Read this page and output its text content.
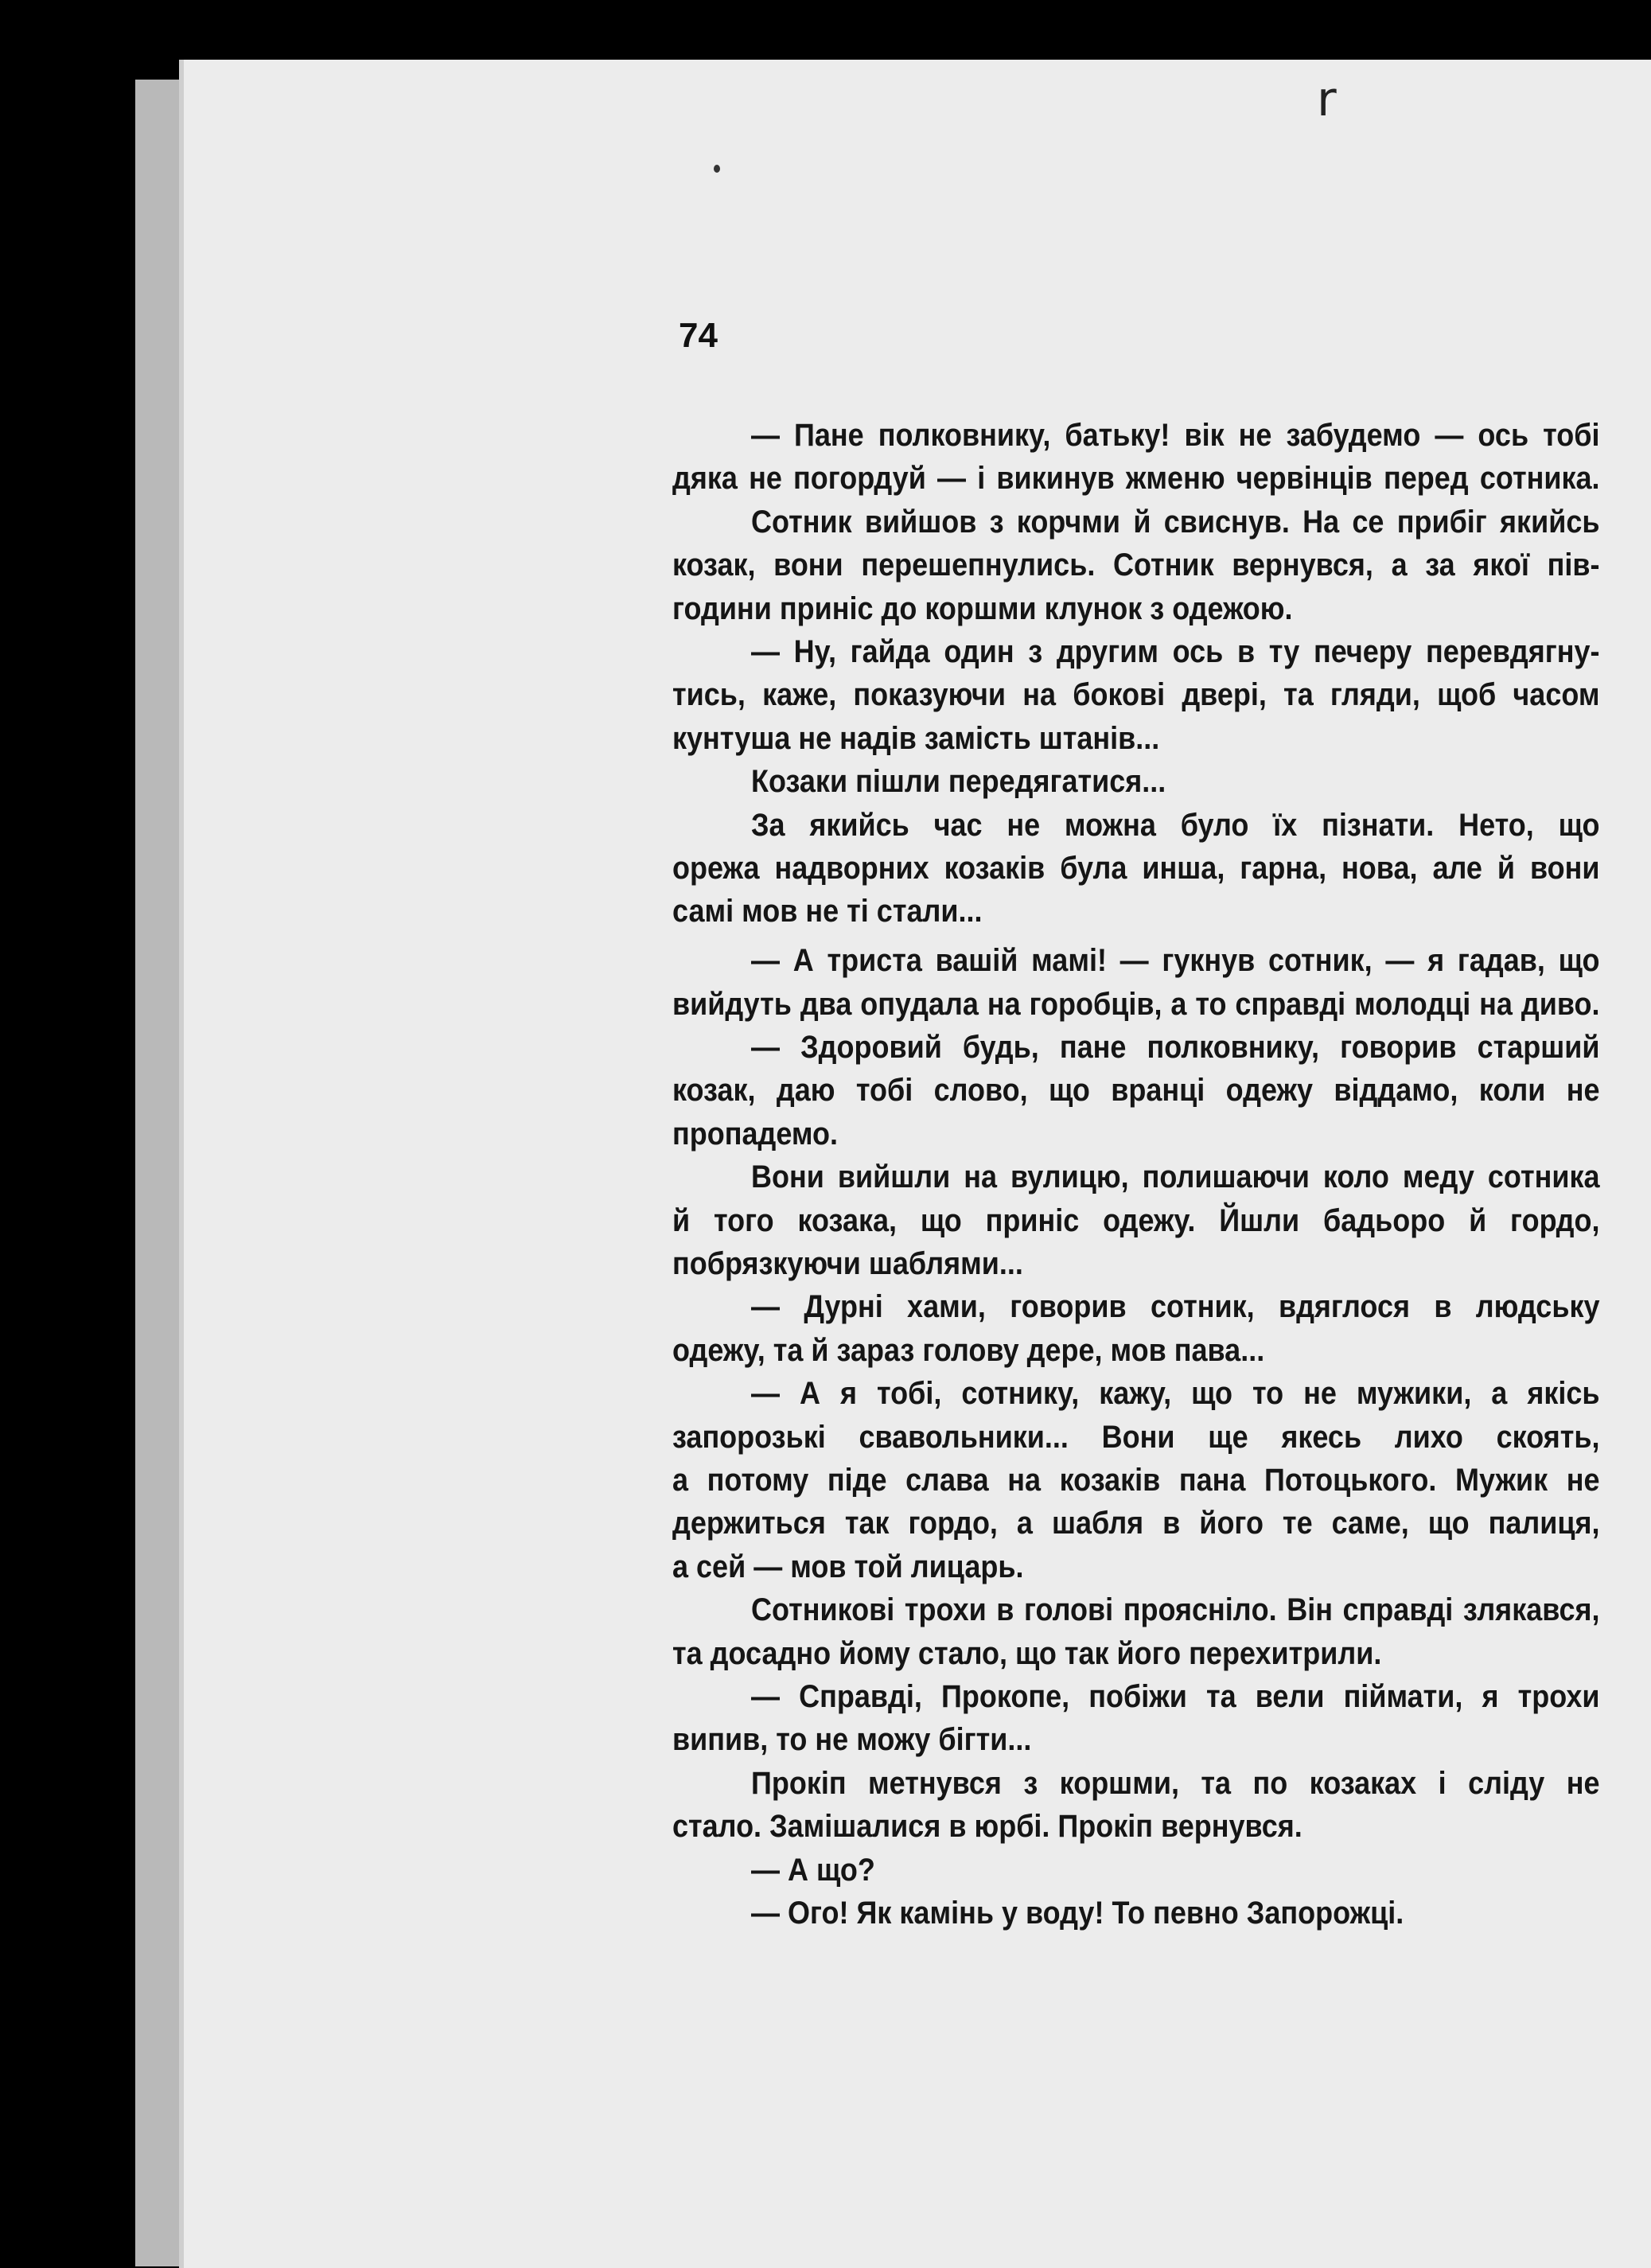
r
74
— Пане полковнику, батьку! вік не забудемо — ось тобі
дяка не погордуй — і викинув жменю червінців перед сотника.
Сотник вийшов з корчми й свиснув. На се прибіг якийсь
козак, вони перешепнулись. Сотник вернувся, а за якої пів-
години приніс до коршми клунок з одежою.
— Ну, гайда один з другим ось в ту печеру перевдягну-
тись, каже, показуючи на бокові двері, та гляди, щоб часом
кунтуша не надів замість штанів...
Козаки пішли передягатися...
За якийсь час не можна було їх пізнати. Нето, що
орежа надворних козаків була инша, гарна, нова, але й вони
самі мов не ті стали...
— А триста вашій мамі! — гукнув сотник, — я гадав, що
вийдуть два опудала на горобців, а то справді молодці на диво.
— Здоровий будь, пане полковнику, говорив старший
козак, даю тобі слово, що вранці одежу віддамо, коли не
пропадемо.
Вони вийшли на вулицю, полишаючи коло меду сотника
й того козака, що приніс одежу. Йшли бадьоро й гордо,
побрязкуючи шаблями...
— Дурні хами, говорив сотник, вдяглося в людську
одежу, та й зараз голову дере, мов пава...
— А я тобі, сотнику, кажу, що то не мужики, а якісь
запорозькі свавольники... Вони ще якесь лихо скоять,
а потому піде слава на козаків пана Потоцького. Мужик не
держиться так гордо, а шабля в його те саме, що палиця,
а сей — мов той лицарь.
Сотникові трохи в голові прояснілo. Він справді злякався,
та досадно йому стало, що так його перехитрили.
— Справді, Прокопе, побіжи та вели піймати, я трохи
випив, то не можу бігти...
Прокіп метнувся з коршми, та по козаках і сліду не
стало. Замішалися в юрбі. Прокіп вернувся.
— А що?
— Ого! Як камінь у воду! То певно Запорожці.
